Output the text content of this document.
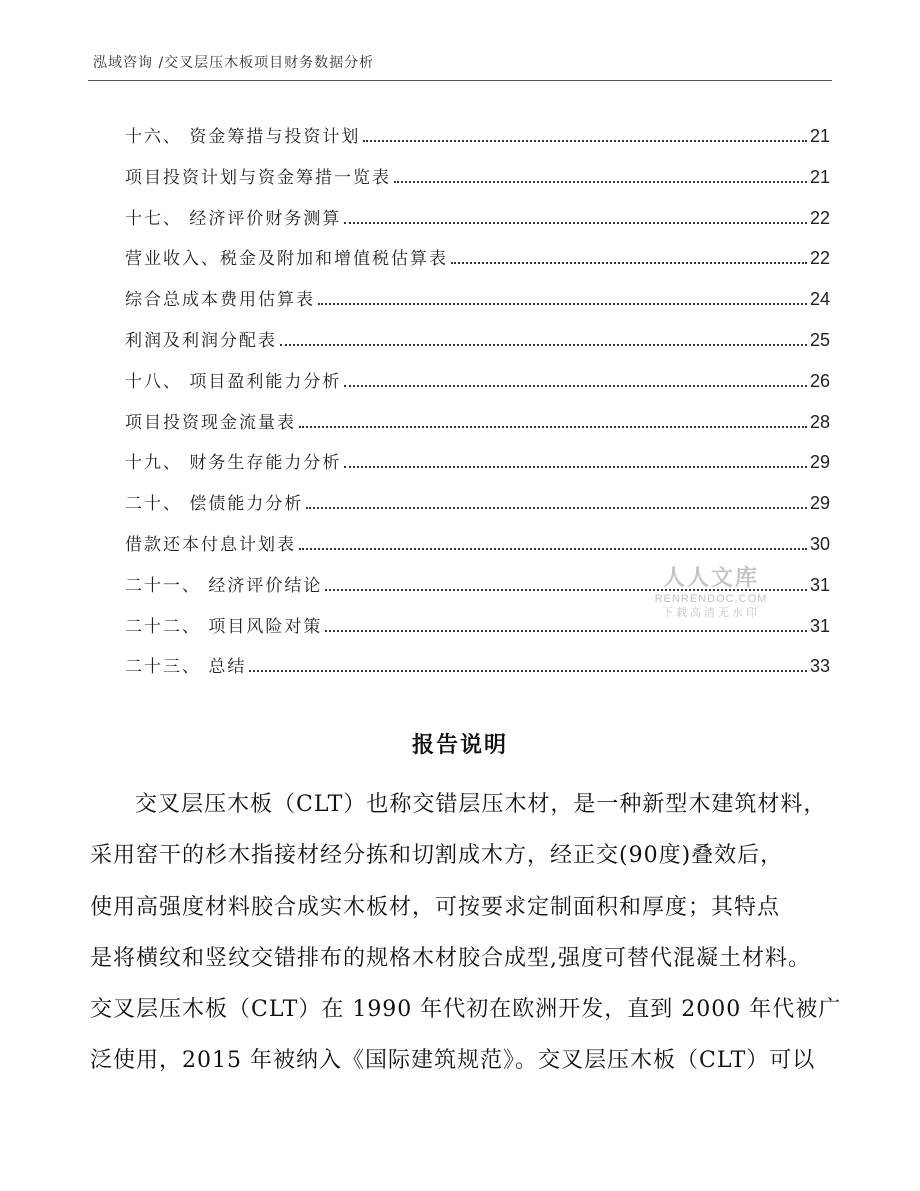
泓域咨询 /交叉层压木板项目财务数据分析
十六、 资金筹措与投资计划	21
项目投资计划与资金筹措一览表	21
十七、 经济评价财务测算	22
营业收入、税金及附加和增值税估算表	22
综合总成本费用估算表	24
利润及利润分配表	25
十八、 项目盈利能力分析	26
项目投资现金流量表	28
十九、 财务生存能力分析	29
二十、 偿债能力分析	29
借款还本付息计划表	30
二十一、 经济评价结论	31
二十二、 项目风险对策	31
二十三、 总结	33
人人文库
RENRENDOC.COM
下载高清无水印
报告说明
交叉层压木板（CLT）也称交错层压木材，是一种新型木建筑材料，
采用窑干的杉木指接材经分拣和切割成木方，经正交(90度)叠效后，
使用高强度材料胶合成实木板材，可按要求定制面积和厚度；其特点
是将横纹和竖纹交错排布的规格木材胶合成型,强度可替代混凝土材料。
交叉层压木板（CLT）在 1990 年代初在欧洲开发，直到 2000 年代被广
泛使用，2015 年被纳入《国际建筑规范》。交叉层压木板（CLT）可以
